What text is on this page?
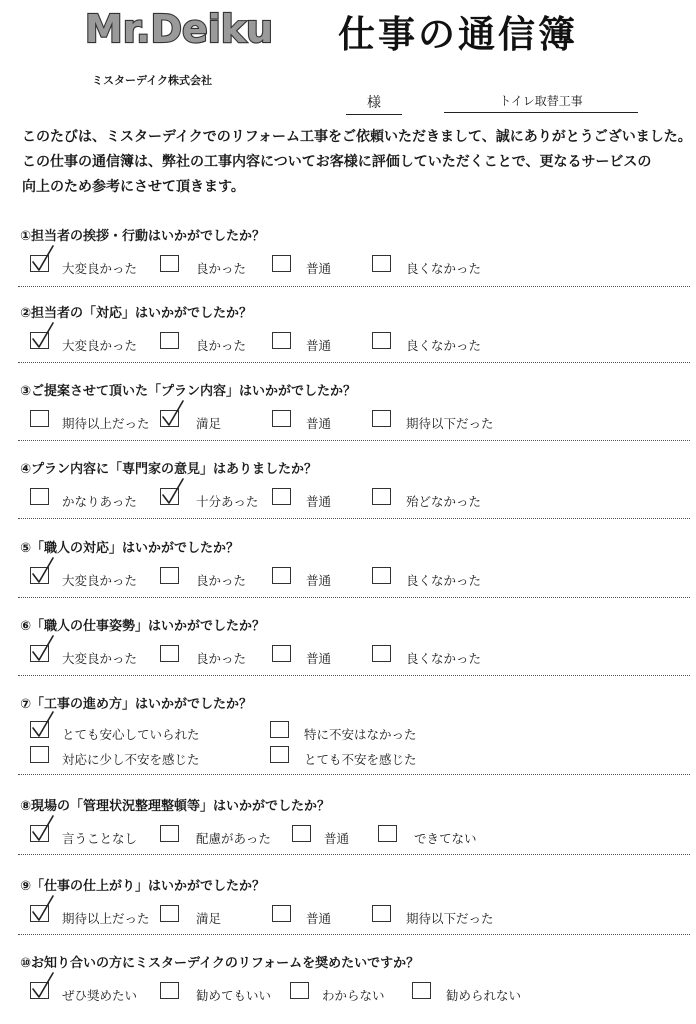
Mr.Deiku 仕事の通信簿
ミスターデイク株式会社
様	トイレ取替工事
このたびは、ミスターデイクでのリフォーム工事をご依頼いただきまして、誠にありがとうございました。
この仕事の通信簿は、弊社の工事内容についてお客様に評価していただくことで、更なるサービスの
向上のため参考にさせて頂きます。
①担当者の挨拶・行動はいかがでしたか？
大変良かった	良かった	普通	良くなかった
②担当者の「対応」はいかがでしたか？
大変良かった	良かった	普通	良くなかった
③ご提案させて頂いた「プラン内容」はいかがでしたか？
期待以上だった	満足	普通	期待以下だった
④プラン内容に「専門家の意見」はありましたか？
かなりあった	十分あった	普通	殆どなかった
⑤「職人の対応」はいかがでしたか？
大変良かった	良かった	普通	良くなかった
⑥「職人の仕事姿勢」はいかがでしたか？
大変良かった	良かった	普通	良くなかった
⑦「工事の進め方」はいかがでしたか？
とても安心していられた	特に不安はなかった
対応に少し不安を感じた	とても不安を感じた
⑧現場の「管理状況整理整頓等」はいかがでしたか？
言うことなし	配慮があった	普通	できてない
⑨「仕事の仕上がり」はいかがでしたか？
期待以上だった	満足	普通	期待以下だった
⑩お知り合いの方にミスターデイクのリフォームを奨めたいですか？
ぜひ奨めたい	勧めてもいい	わからない	勧められない
